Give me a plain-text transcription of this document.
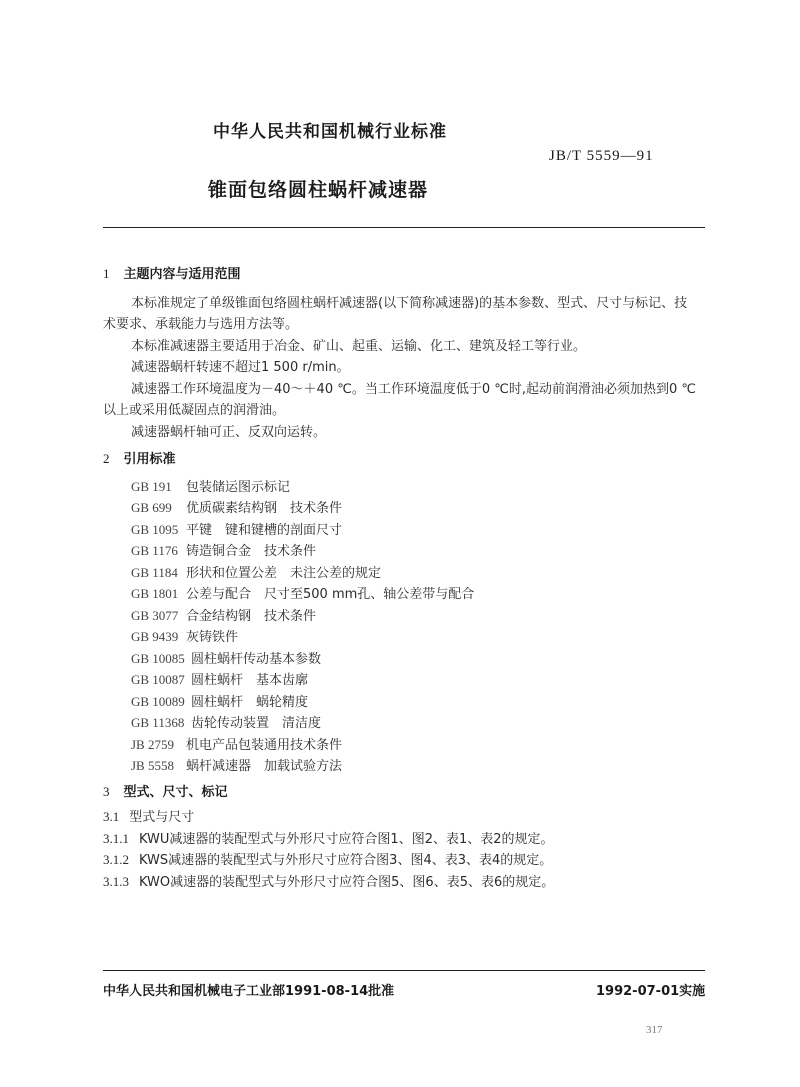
中华人民共和国机械行业标准
JB/T 5559—91
锥面包络圆柱蜗杆减速器
1 主题内容与适用范围
本标准规定了单级锥面包络圆柱蜗杆减速器(以下简称减速器)的基本参数、型式、尺寸与标记、技
术要求、承载能力与选用方法等。
本标准减速器主要适用于冶金、矿山、起重、运输、化工、建筑及轻工等行业。
减速器蜗杆转速不超过1 500 r/min。
减速器工作环境温度为－40～＋40 ℃。当工作环境温度低于0 ℃时,起动前润滑油必须加热到0 ℃
以上或采用低凝固点的润滑油。
减速器蜗杆轴可正、反双向运转。
2 引用标准
GB 191 包装储运图示标记
GB 699 优质碳素结构钢　技术条件
GB 1095 平键　键和键槽的剖面尺寸
GB 1176 铸造铜合金　技术条件
GB 1184 形状和位置公差　未注公差的规定
GB 1801 公差与配合　尺寸至500 mm孔、轴公差带与配合
GB 3077 合金结构钢　技术条件
GB 9439 灰铸铁件
GB 10085 圆柱蜗杆传动基本参数
GB 10087 圆柱蜗杆　基本齿廓
GB 10089 圆柱蜗杆　蜗轮精度
GB 11368 齿轮传动装置　清洁度
JB 2759 机电产品包装通用技术条件
JB 5558 蜗杆减速器　加载试验方法
3 型式、尺寸、标记
3.1 型式与尺寸
3.1.1 KWU减速器的装配型式与外形尺寸应符合图1、图2、表1、表2的规定。
3.1.2 KWS减速器的装配型式与外形尺寸应符合图3、图4、表3、表4的规定。
3.1.3 KWO减速器的装配型式与外形尺寸应符合图5、图6、表5、表6的规定。
中华人民共和国机械电子工业部1991-08-14批准	1992-07-01实施
317
